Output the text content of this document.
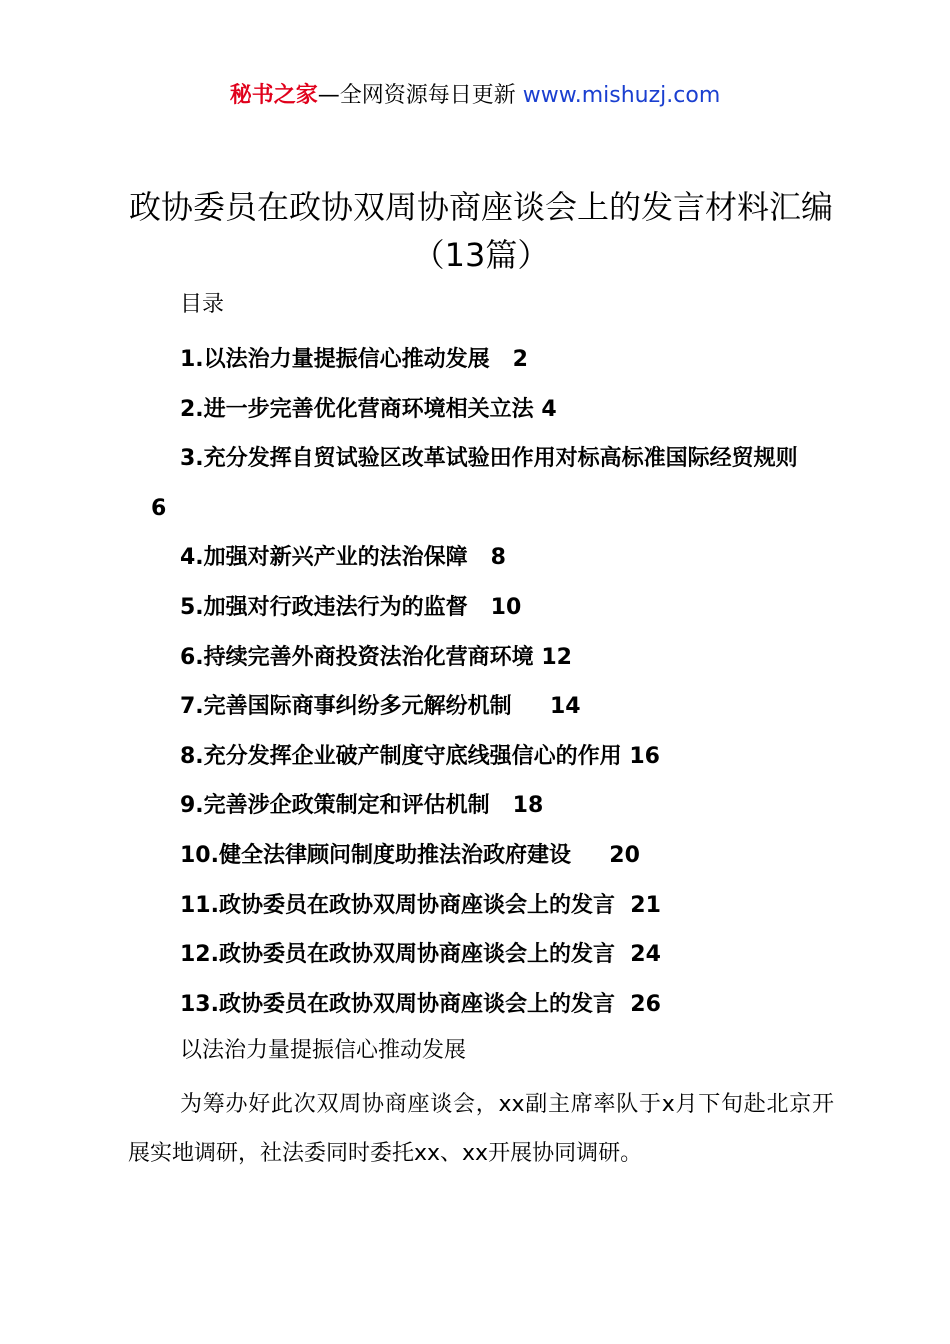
秘书之家—全网资源每日更新 www.mishuzj.com
政协委员在政协双周协商座谈会上的发言材料汇编（13篇）
目录
1.以法治力量提振信心推动发展   2
2.进一步完善优化营商环境相关立法 4
3.充分发挥自贸试验区改革试验田作用对标高标准国际经贸规则   6
4.加强对新兴产业的法治保障   8
5.加强对行政违法行为的监督   10
6.持续完善外商投资法治化营商环境 12
7.完善国际商事纠纷多元解纷机制     14
8.充分发挥企业破产制度守底线强信心的作用 16
9.完善涉企政策制定和评估机制   18
10.健全法律顾问制度助推法治政府建设     20
11.政协委员在政协双周协商座谈会上的发言  21
12.政协委员在政协双周协商座谈会上的发言  24
13.政协委员在政协双周协商座谈会上的发言  26
以法治力量提振信心推动发展

为筹办好此次双周协商座谈会，xx副主席率队于x月下旬赴北京开展实地调研，社法委同时委托xx、xx开展协同调研。
